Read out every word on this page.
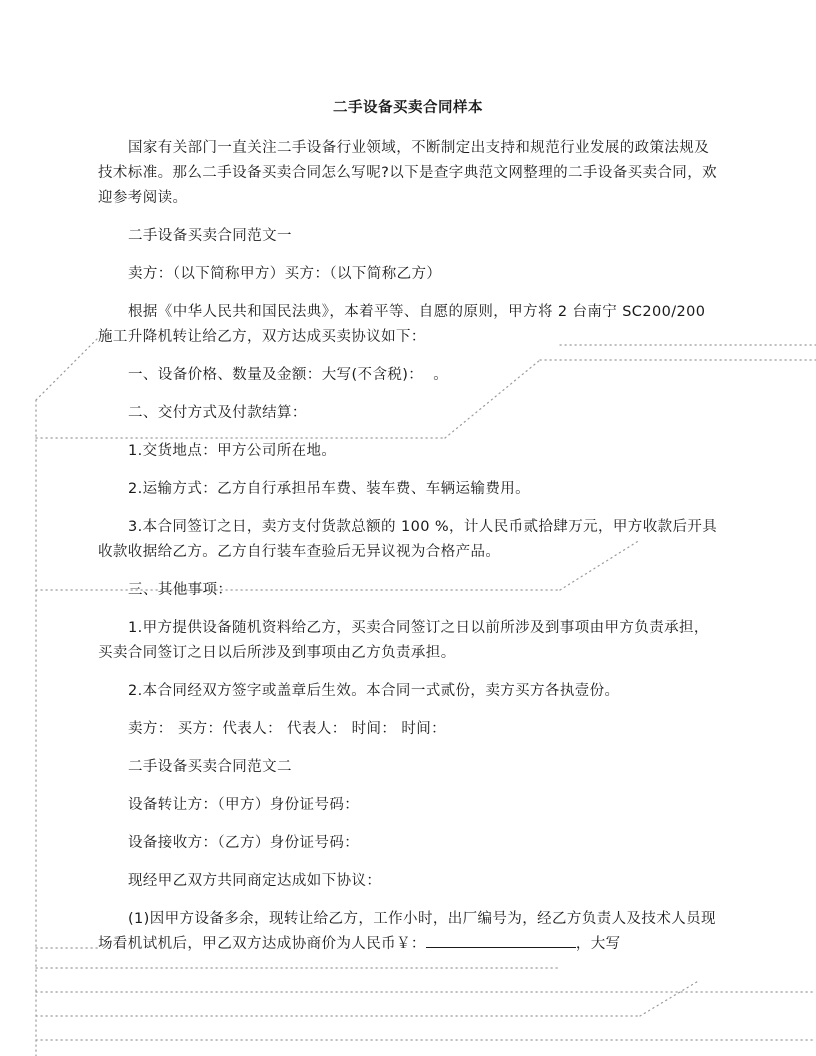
二手设备买卖合同样本
国家有关部门一直关注二手设备行业领域，不断制定出支持和规范行业发展的政策法规及技术标准。那么二手设备买卖合同怎么写呢?以下是查字典范文网整理的二手设备买卖合同，欢迎参考阅读。
二手设备买卖合同范文一
卖方：（以下简称甲方）买方：（以下简称乙方）
根据《中华人民共和国民法典》，本着平等、自愿的原则，甲方将 2 台南宁 SC200/200 施工升降机转让给乙方，双方达成买卖协议如下：
一、设备价格、数量及金额：大写(不含税)：  。
二、交付方式及付款结算：
1.交货地点：甲方公司所在地。
2.运输方式：乙方自行承担吊车费、装车费、车辆运输费用。
3.本合同签订之日，卖方支付货款总额的 100 %，计人民币贰拾肆万元，甲方收款后开具收款收据给乙方。乙方自行装车查验后无异议视为合格产品。
三、其他事项：
1.甲方提供设备随机资料给乙方，买卖合同签订之日以前所涉及到事项由甲方负责承担，买卖合同签订之日以后所涉及到事项由乙方负责承担。
2.本合同经双方签字或盖章后生效。本合同一式贰份，卖方买方各执壹份。
卖方： 买方：代表人： 代表人： 时间： 时间：
二手设备买卖合同范文二
设备转让方：（甲方）身份证号码：
设备接收方：（乙方）身份证号码：
现经甲乙双方共同商定达成如下协议：
(1)因甲方设备多余，现转让给乙方，工作小时，出厂编号为，经乙方负责人及技术人员现场看机试机后，甲乙双方达成协商价为人民币￥：	，大写
